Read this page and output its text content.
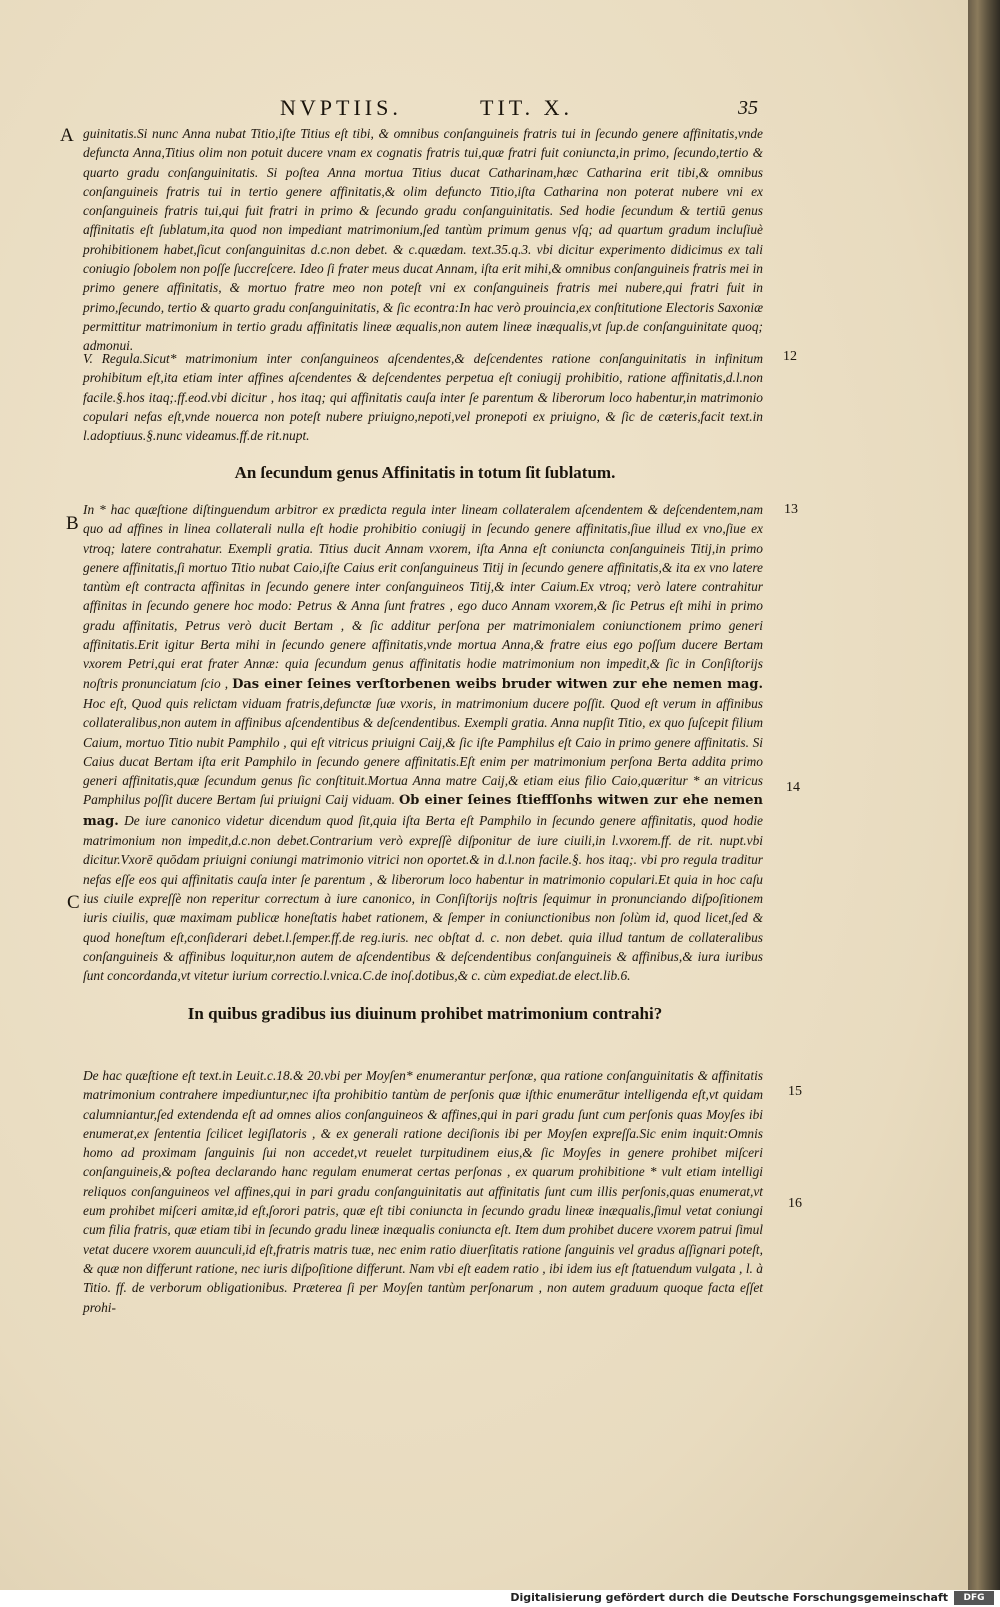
NVPTIIS.	TIT. X.	35
A
B
C
12
13
14
15
16

guinitatis.Si nunc Anna nubat Titio,iſte Titius eſt tibi, & omnibus conſanguineis fratris tui in ſecundo genere affinitatis,vnde defuncta Anna,Titius olim non potuit ducere vnam ex cognatis fratris tui,quæ fratri fuit coniuncta,in primo, ſecundo,tertio & quarto gradu conſanguinitatis. Si poſtea Anna mortua Titius ducat Catharinam,hæc Catharina erit tibi,& omnibus conſanguineis fratris tui in tertio genere affinitatis,& olim defuncto Titio,iſta Catharina non poterat nubere vni ex conſanguineis fratris tui,qui fuit fratri in primo & ſecundo gradu conſanguinitatis. Sed hodie ſecundum & tertiū genus affinitatis eſt ſublatum,ita quod non impediant matrimonium,ſed tantùm primum genus vſq; ad quartum gradum incluſiuè prohibitionem habet,ſicut conſanguinitas d.c.non debet. & c.quædam. text.35.q.3. vbi dicitur experimento didicimus ex tali coniugio ſobolem non poſſe ſuccreſcere. Ideo ſi frater meus ducat Annam, iſta erit mihi,& omnibus conſanguineis fratris mei in primo genere affinitatis, & mortuo fratre meo non poteſt vni ex conſanguineis fratris mei nubere,qui fratri fuit in primo,ſecundo, tertio & quarto gradu conſanguinitatis, & ſic econtra:In hac verò prouincia,ex conſtitutione Electoris Saxoniæ permittitur matrimonium in tertio gradu affinitatis lineæ æqualis,non autem lineæ inæqualis,vt ſup.de conſanguinitate quoq; admonui.

V. Regula.Sicut* matrimonium inter conſanguineos aſcendentes,& deſcendentes ratione conſanguinitatis in infinitum prohibitum eſt,ita etiam inter affines aſcendentes & deſcendentes perpetua eſt coniugij prohibitio, ratione affinitatis,d.l.non facile.§.hos itaq;.ff.eod.vbi dicitur , hos itaq; qui affinitatis cauſa inter ſe parentum & liberorum loco habentur,in matrimonio copulari nefas eſt,vnde nouerca non poteſt nubere priuigno,nepoti,vel pronepoti ex priuigno, & ſic de cæteris,facit text.in l.adoptiuus.§.nunc videamus.ff.de rit.nupt.

An ſecundum genus Affinitatis in totum ſit ſublatum.

In * hac quæſtione diſtinguendum arbitror ex prædicta regula inter lineam collateralem aſcendentem & deſcendentem,nam quo ad affines in linea collaterali nulla eſt hodie prohibitio coniugij in ſecundo genere affinitatis,ſiue illud ex vno,ſiue ex vtroq; latere contrahatur. Exempli gratia. Titius ducit Annam vxorem, iſta Anna eſt coniuncta conſanguineis Titij,in primo genere affinitatis,ſi mortuo Titio nubat Caio,iſte Caius erit conſanguineus Titij in ſecundo genere affinitatis,& ita ex vno latere tantùm eſt contracta affinitas in ſecundo genere inter conſanguineos Titij,& inter Caium.Ex vtroq; verò latere contrahitur affinitas in ſecundo genere hoc modo: Petrus & Anna ſunt fratres , ego duco Annam vxorem,& ſic Petrus eſt mihi in primo gradu affinitatis, Petrus verò ducit Bertam , & ſic additur perſona per matrimonialem coniunctionem primo generi affinitatis.Erit igitur Berta mihi in ſecundo genere affinitatis,vnde mortua Anna,& fratre eius ego poſſum ducere Bertam vxorem Petri,qui erat frater Annæ: quia ſecundum genus affinitatis hodie matrimonium non impedit,& ſic in Conſiſtorijs noſtris pronunciatum ſcio , Das einer ſeines verſtorbenen weibs bruder witwen zur ehe nemen mag. Hoc eſt, Quod quis relictam viduam fratris,defunctæ ſuæ vxoris, in matrimonium ducere poſſit. Quod eſt verum in affinibus collateralibus,non autem in affinibus aſcendentibus & deſcendentibus. Exempli gratia. Anna nupſit Titio, ex quo ſuſcepit filium Caium, mortuo Titio nubit Pamphilo , qui eſt vitricus priuigni Caij,& ſic iſte Pamphilus eſt Caio in primo genere affinitatis. Si Caius ducat Bertam iſta erit Pamphilo in ſecundo genere affinitatis.Eſt enim per matrimonium perſona Berta addita primo generi affinitatis,quæ ſecundum genus ſic conſtituit.Mortua Anna matre Caij,& etiam eius filio Caio,quæritur * an vitricus Pamphilus poſſit ducere Bertam ſui priuigni Caij viduam. Ob einer ſeines ſtieffſonhs witwen zur ehe nemen mag. De iure canonico videtur dicendum quod ſit,quia iſta Berta eſt Pamphilo in ſecundo genere affinitatis, quod hodie matrimonium non impedit,d.c.non debet.Contrarium verò expreſſè diſponitur de iure ciuili,in l.vxorem.ff. de rit. nupt.vbi dicitur.Vxorē quōdam priuigni coniungi matrimonio vitrici non oportet.& in d.l.non facile.§. hos itaq;. vbi pro regula traditur nefas eſſe eos qui affinitatis cauſa inter ſe parentum , & liberorum loco habentur in matrimonio copulari.Et quia in hoc caſu ius ciuile expreſſè non reperitur correctum à iure canonico, in Conſiſtorijs noſtris ſequimur in pronunciando diſpoſitionem iuris ciuilis, quæ maximam publicæ honeſtatis habet rationem, & ſemper in coniunctionibus non ſolùm id, quod licet,ſed & quod honeſtum eſt,conſiderari debet.l.ſemper.ff.de reg.iuris. nec obſtat d. c. non debet. quia illud tantum de collateralibus conſanguineis & affinibus loquitur,non autem de aſcendentibus & deſcendentibus conſanguineis & affinibus,& iura iuribus ſunt concordanda,vt vitetur iurium correctio.l.vnica.C.de inoſ.dotibus,& c. cùm expediat.de elect.lib.6.

In quibus gradibus ius diuinum prohibet matrimonium contrahi?

De hac quæſtione eſt text.in Leuit.c.18.& 20.vbi per Moyſen* enumerantur perſonæ, qua ratione conſanguinitatis & affinitatis matrimonium contrahere impediuntur,nec iſta prohibitio tantùm de perſonis quæ iſthic enumerātur intelligenda eſt,vt quidam calumniantur,ſed extendenda eſt ad omnes alios conſanguineos & affines,qui in pari gradu ſunt cum perſonis quas Moyſes ibi enumerat,ex ſententia ſcilicet legiſlatoris , & ex generali ratione deciſionis ibi per Moyſen expreſſa.Sic enim inquit:Omnis homo ad proximam ſanguinis ſui non accedet,vt reuelet turpitudinem eius,& ſic Moyſes in genere prohibet miſceri conſanguineis,& poſtea declarando hanc regulam enumerat certas perſonas , ex quarum prohibitione * vult etiam intelligi reliquos conſanguineos vel affines,qui in pari gradu conſanguinitatis aut affinitatis ſunt cum illis perſonis,quas enumerat,vt eum prohibet miſceri amitæ,id eſt,ſorori patris, quæ eſt tibi coniuncta in ſecundo gradu lineæ inæqualis,ſimul vetat coniungi cum filia fratris, quæ etiam tibi in ſecundo gradu lineæ inæqualis coniuncta eſt. Item dum prohibet ducere vxorem patrui ſimul vetat ducere vxorem auunculi,id eſt,fratris matris tuæ, nec enim ratio diuerſitatis ratione ſanguinis vel gradus aſſignari poteſt, & quæ non differunt ratione, nec iuris diſpoſitione differunt. Nam vbi eſt eadem ratio , ibi idem ius eſt ſtatuendum vulgata , l. à Titio. ff. de verborum obligationibus. Præterea ſi per Moyſen tantùm perſonarum , non autem graduum quoque facta eſſet prohi-

Digitalisierung gefördert durch die Deutsche Forschungsgemeinschaft	DFG
